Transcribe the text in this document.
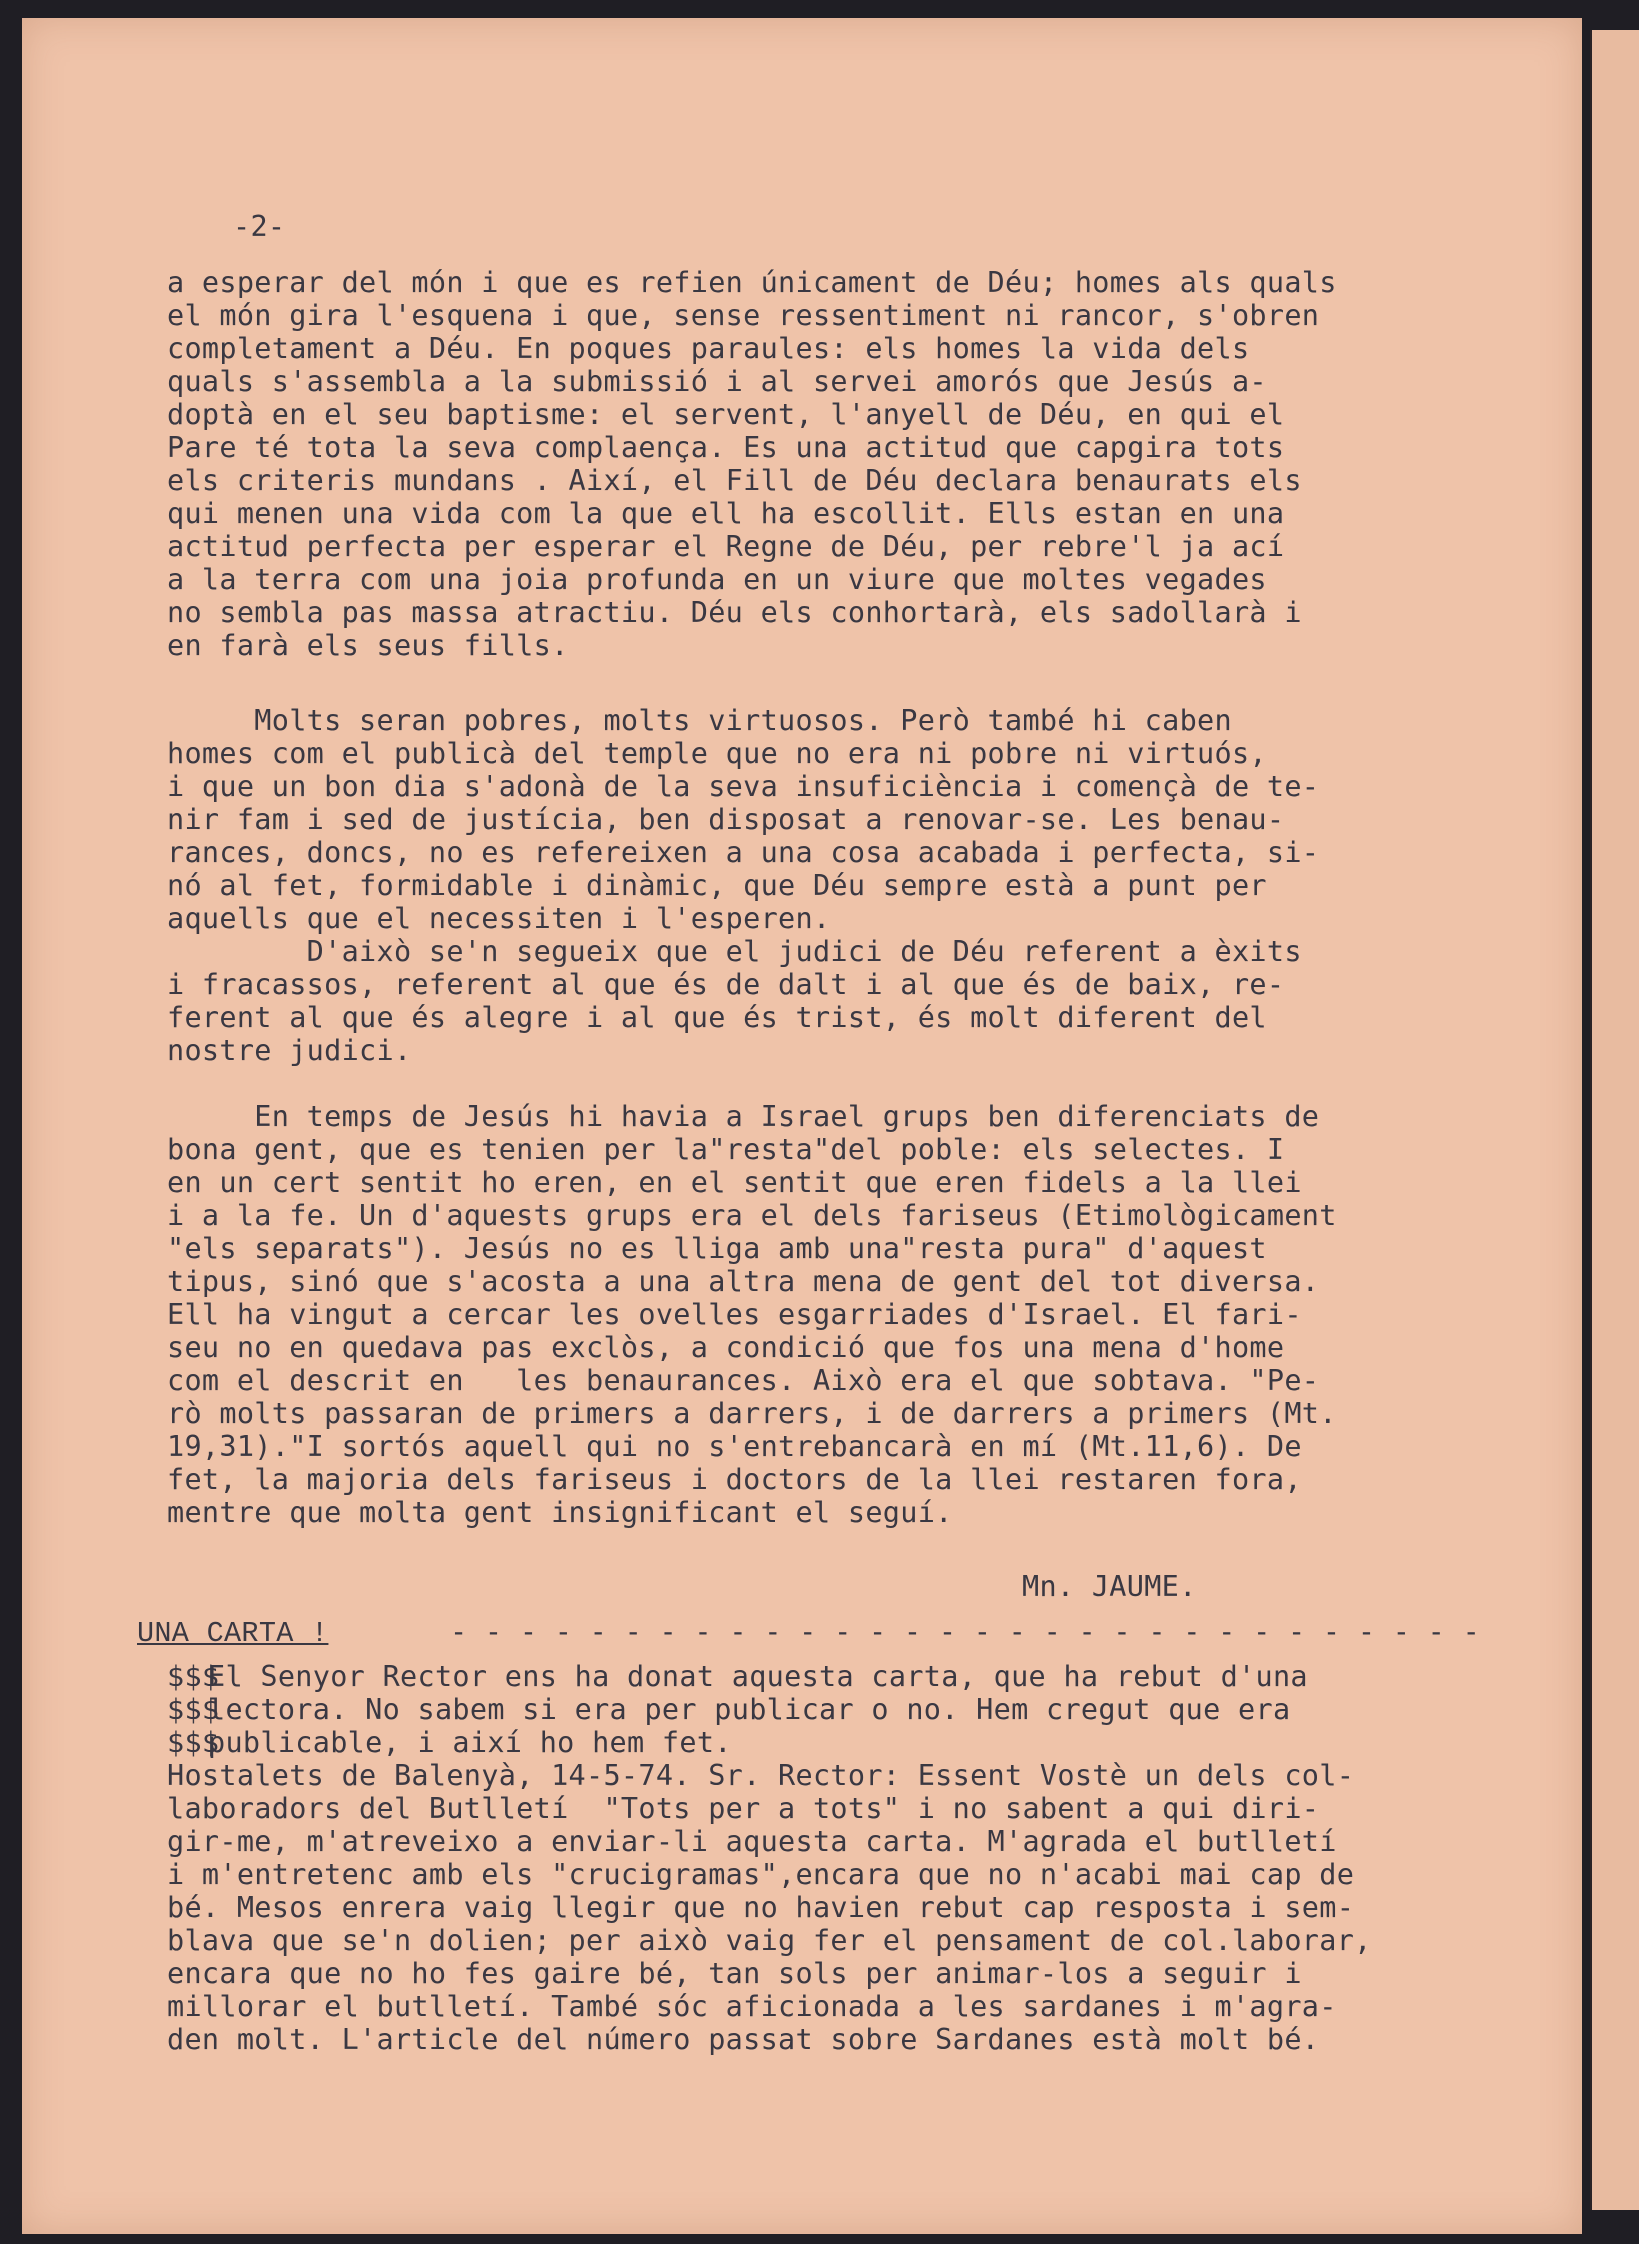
-2-

a esperar del món i que es refien únicament de Déu; homes als quals
el món gira l'esquena i que, sense ressentiment ni rancor, s'obren
completament a Déu. En poques paraules: els homes la vida dels
quals s'assembla a la submissió i al servei amorós que Jesús a-
doptà en el seu baptisme: el servent, l'anyell de Déu, en qui el
Pare té tota la seva complaença. Es una actitud que capgira tots
els criteris mundans . Així, el Fill de Déu declara benaurats els
qui menen una vida com la que ell ha escollit. Ells estan en una
actitud perfecta per esperar el Regne de Déu, per rebre'l ja ací
a la terra com una joia profunda en un viure que moltes vegades
no sembla pas massa atractiu. Déu els conhortarà, els sadollarà i
en farà els seus fills.

Molts seran pobres, molts virtuosos. Però també hi caben
homes com el publicà del temple que no era ni pobre ni virtuós,
i que un bon dia s'adonà de la seva insuficiència i començà de te-
nir fam i sed de justícia, ben disposat a renovar-se. Les benau-
rances, doncs, no es refereixen a una cosa acabada i perfecta, si-
nó al fet, formidable i dinàmic, que Déu sempre està a punt per
aquells que el necessiten i l'esperen.
D'això se'n segueix que el judici de Déu referent a èxits
i fracassos, referent al que és de dalt i al que és de baix, re-
ferent al que és alegre i al que és trist, és molt diferent del
nostre judici.

En temps de Jesús hi havia a Israel grups ben diferenciats de
bona gent, que es tenien per la"resta"del poble: els selectes. I
en un cert sentit ho eren, en el sentit que eren fidels a la llei
i a la fe. Un d'aquests grups era el dels fariseus (Etimològicament
"els separats"). Jesús no es lliga amb una"resta pura" d'aquest
tipus, sinó que s'acosta a una altra mena de gent del tot diversa.
Ell ha vingut a cercar les ovelles esgarriades d'Israel. El fari-
seu no en quedava pas exclòs, a condició que fos una mena d'home
com el descrit en   les benaurances. Això era el que sobtava. "Pe-
rò molts passaran de primers a darrers, i de darrers a primers (Mt.
19,31)."I sortós aquell qui no s'entrebancarà en mí (Mt.11,6). De
fet, la majoria dels fariseus i doctors de la llei restaren fora,
mentre que molta gent insignificant el seguí.

Mn. JAUME.

UNA CARTA !	- - - - - - - - - - - - - - - - - - - - - - - - - - - - - -

$$$
$$$
$$$

El Senyor Rector ens ha donat aquesta carta, que ha rebut d'una
lectora. No sabem si era per publicar o no. Hem cregut que era
publicable, i així ho hem fet.

Hostalets de Balenyà, 14-5-74. Sr. Rector: Essent Vostè un dels col-
laboradors del Butlletí  "Tots per a tots" i no sabent a qui diri-
gir-me, m'atreveixo a enviar-li aquesta carta. M'agrada el butlletí
i m'entretenc amb els "crucigramas",encara que no n'acabi mai cap de
bé. Mesos enrera vaig llegir que no havien rebut cap resposta i sem-
blava que se'n dolien; per això vaig fer el pensament de col.laborar,
encara que no ho fes gaire bé, tan sols per animar-los a seguir i
millorar el butlletí. També sóc aficionada a les sardanes i m'agra-
den molt. L'article del número passat sobre Sardanes està molt bé.
